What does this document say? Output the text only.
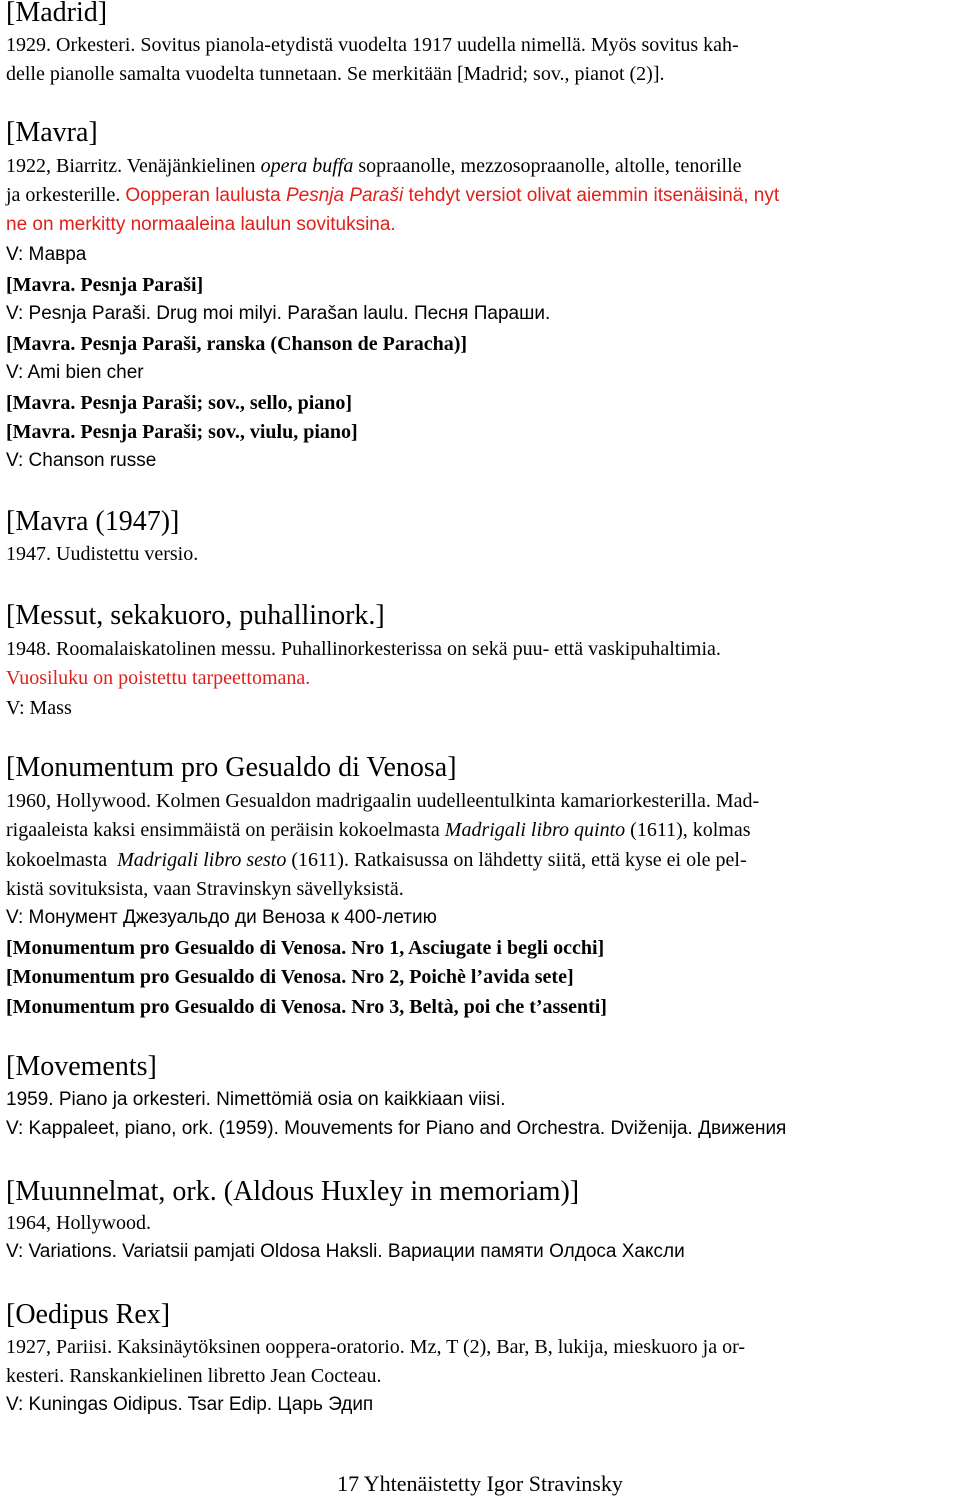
[Madrid]
1929. Orkesteri. Sovitus pianola-etydistä vuodelta 1917 uudella nimellä. Myös sovitus kah-
delle pianolle samalta vuodelta tunnetaan. Se merkitään [Madrid; sov., pianot (2)].
[Mavra]
1922, Biarritz. Venäjänkielinen opera buffa sopraanolle, mezzosopraanolle, altolle, tenorille
ja orkesterille. Oopperan laulusta Pesnja Paraši tehdyt versiot olivat aiemmin itsenäisinä, nyt
ne on merkitty normaaleina laulun sovituksina.
V: Мавра
[Mavra. Pesnja Paraši]
V: Pesnja Paraši. Drug moi milyi. Parašan laulu. Песня Параши.
[Mavra. Pesnja Paraši, ranska (Chanson de Paracha)]
V: Ami bien cher
[Mavra. Pesnja Paraši; sov., sello, piano]
[Mavra. Pesnja Paraši; sov., viulu, piano]
V: Chanson russe
[Mavra (1947)]
1947. Uudistettu versio.
[Messut, sekakuoro, puhallinork.]
1948. Roomalaiskatolinen messu. Puhallinorkesterissa on sekä puu- että vaskipuhaltimia.
Vuosiluku on poistettu tarpeettomana.
V: Mass
[Monumentum pro Gesualdo di Venosa]
1960, Hollywood. Kolmen Gesualdon madrigaalin uudelleentulkinta kamariorkesterilla. Mad-
rigaaleista kaksi ensimmäistä on peräisin kokoelmasta Madrigali libro quinto (1611), kolmas
kokoelmasta  Madrigali libro sesto (1611). Ratkaisussa on lähdetty siitä, että kyse ei ole pel-
kistä sovituksista, vaan Stravinskyn sävellyksistä.
V: Монумент Джезуальдо ди Веноза к 400-летию
[Monumentum pro Gesualdo di Venosa. Nro 1, Asciugate i begli occhi]
[Monumentum pro Gesualdo di Venosa. Nro 2, Poichè l’avida sete]
[Monumentum pro Gesualdo di Venosa. Nro 3, Beltà, poi che t’assenti]
[Movements]
1959. Piano ja orkesteri. Nimettömiä osia on kaikkiaan viisi.
V: Kappaleet, piano, ork. (1959). Mouvements for Piano and Orchestra. Dviženija. Движения
[Muunnelmat, ork. (Aldous Huxley in memoriam)]
1964, Hollywood.
V: Variations. Variatsii pamjati Oldosa Haksli. Вариации памяти Олдоса Хаксли
[Oedipus Rex]
1927, Pariisi. Kaksinäytöksinen ooppera-oratorio. Mz, T (2), Bar, B, lukija, mieskuoro ja or-
kesteri. Ranskankielinen libretto Jean Cocteau.
V: Kuningas Oidipus. Tsar Edip. Царь Эдип
17 Yhtenäistetty Igor Stravinsky
